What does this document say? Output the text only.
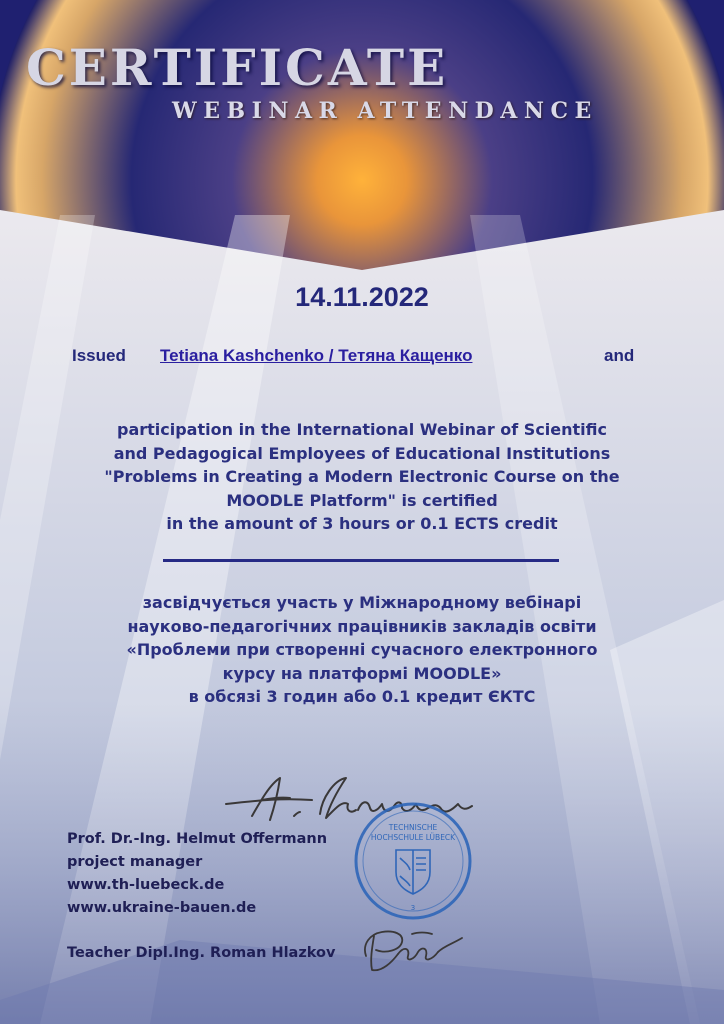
CERTIFICATE
WEBINAR ATTENDANCE
14.11.2022
Issued Tetiana Kashchenko / Тетяна Кащенко	and
participation in the International Webinar of Scientific
and Pedagogical Employees of Educational Institutions
"Problems in Creating a Modern Electronic Course on the
MOODLE Platform" is certified
in the amount of 3 hours or 0.1 ECTS credit
засвідчується участь у Міжнародному вебінарі
науково-педагогічних працівників закладів освіти
«Проблеми при створенні сучасного електронного
курсу на платформі MOODLE»
в обсязі 3 годин або 0.1 кредит ЄКТС
Prof. Dr.-Ing. Helmut Offermann
project manager
www.th-luebeck.de
www.ukraine-bauen.de
TECHNISCHE
HOCHSCHULE LÜBECK
3
Teacher Dipl.Ing. Roman Hlazkov
